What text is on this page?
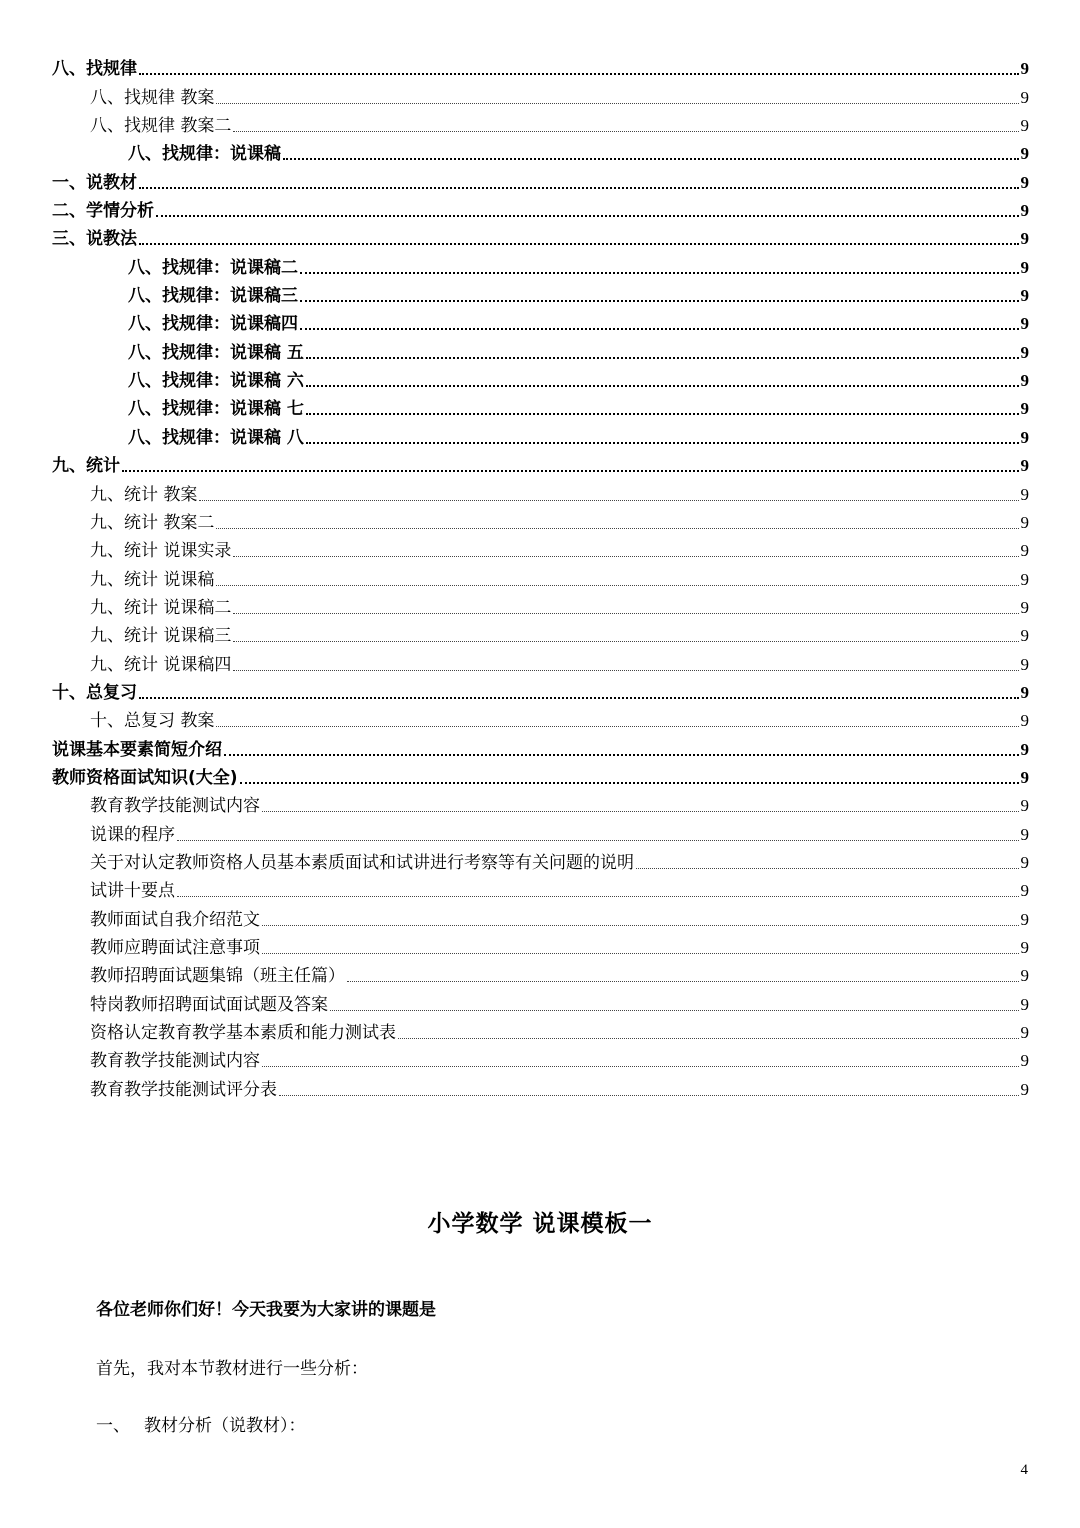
八、找规律	9
八、找规律 教案	9
八、找规律 教案二	9
八、找规律：说课稿	9
一、说教材	9
二、学情分析	9
三、说教法	9
八、找规律：说课稿二	9
八、找规律：说课稿三	9
八、找规律：说课稿四	9
八、找规律：说课稿 五	9
八、找规律：说课稿 六	9
八、找规律：说课稿 七	9
八、找规律：说课稿 八	9
九、统计	9
九、统计 教案	9
九、统计 教案二	9
九、统计 说课实录	9
九、统计 说课稿	9
九、统计 说课稿二	9
九、统计 说课稿三	9
九、统计 说课稿四	9
十、总复习	9
十、总复习 教案	9
说课基本要素简短介绍	9
教师资格面试知识(大全)	9
教育教学技能测试内容	9
说课的程序	9
关于对认定教师资格人员基本素质面试和试讲进行考察等有关问题的说明	9
试讲十要点	9
教师面试自我介绍范文	9
教师应聘面试注意事项	9
教师招聘面试题集锦（班主任篇）	9
特岗教师招聘面试面试题及答案	9
资格认定教育教学基本素质和能力测试表	9
教育教学技能测试内容	9
教育教学技能测试评分表	9
小学数学 说课模板一
各位老师你们好！今天我要为大家讲的课题是
首先，我对本节教材进行一些分析：
一、 教材分析（说教材）：
4
